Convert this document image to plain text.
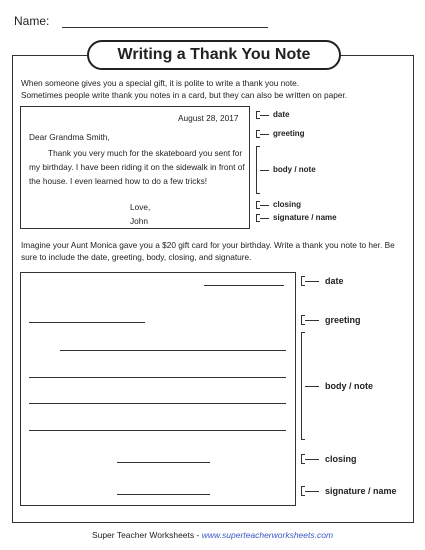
Name:
Writing a Thank You Note
When someone gives you a special gift, it is polite to write a thank you note.
Sometimes people write thank you notes in a card, but they can also be written on paper.
August 28, 2017
Dear Grandma Smith,
Thank you very much for the skateboard you sent for my birthday. I have been riding it on the sidewalk in front of the house. I even learned how to do a few tricks!
Love,
John
date
greeting
body / note
closing
signature / name
Imagine your Aunt Monica gave you a $20 gift card for your birthday. Write a thank you note to her. Be sure to include the date, greeting, body, closing, and signature.
date
greeting
body / note
closing
signature / name
Super Teacher Worksheets - www.superteacherworksheets.com
